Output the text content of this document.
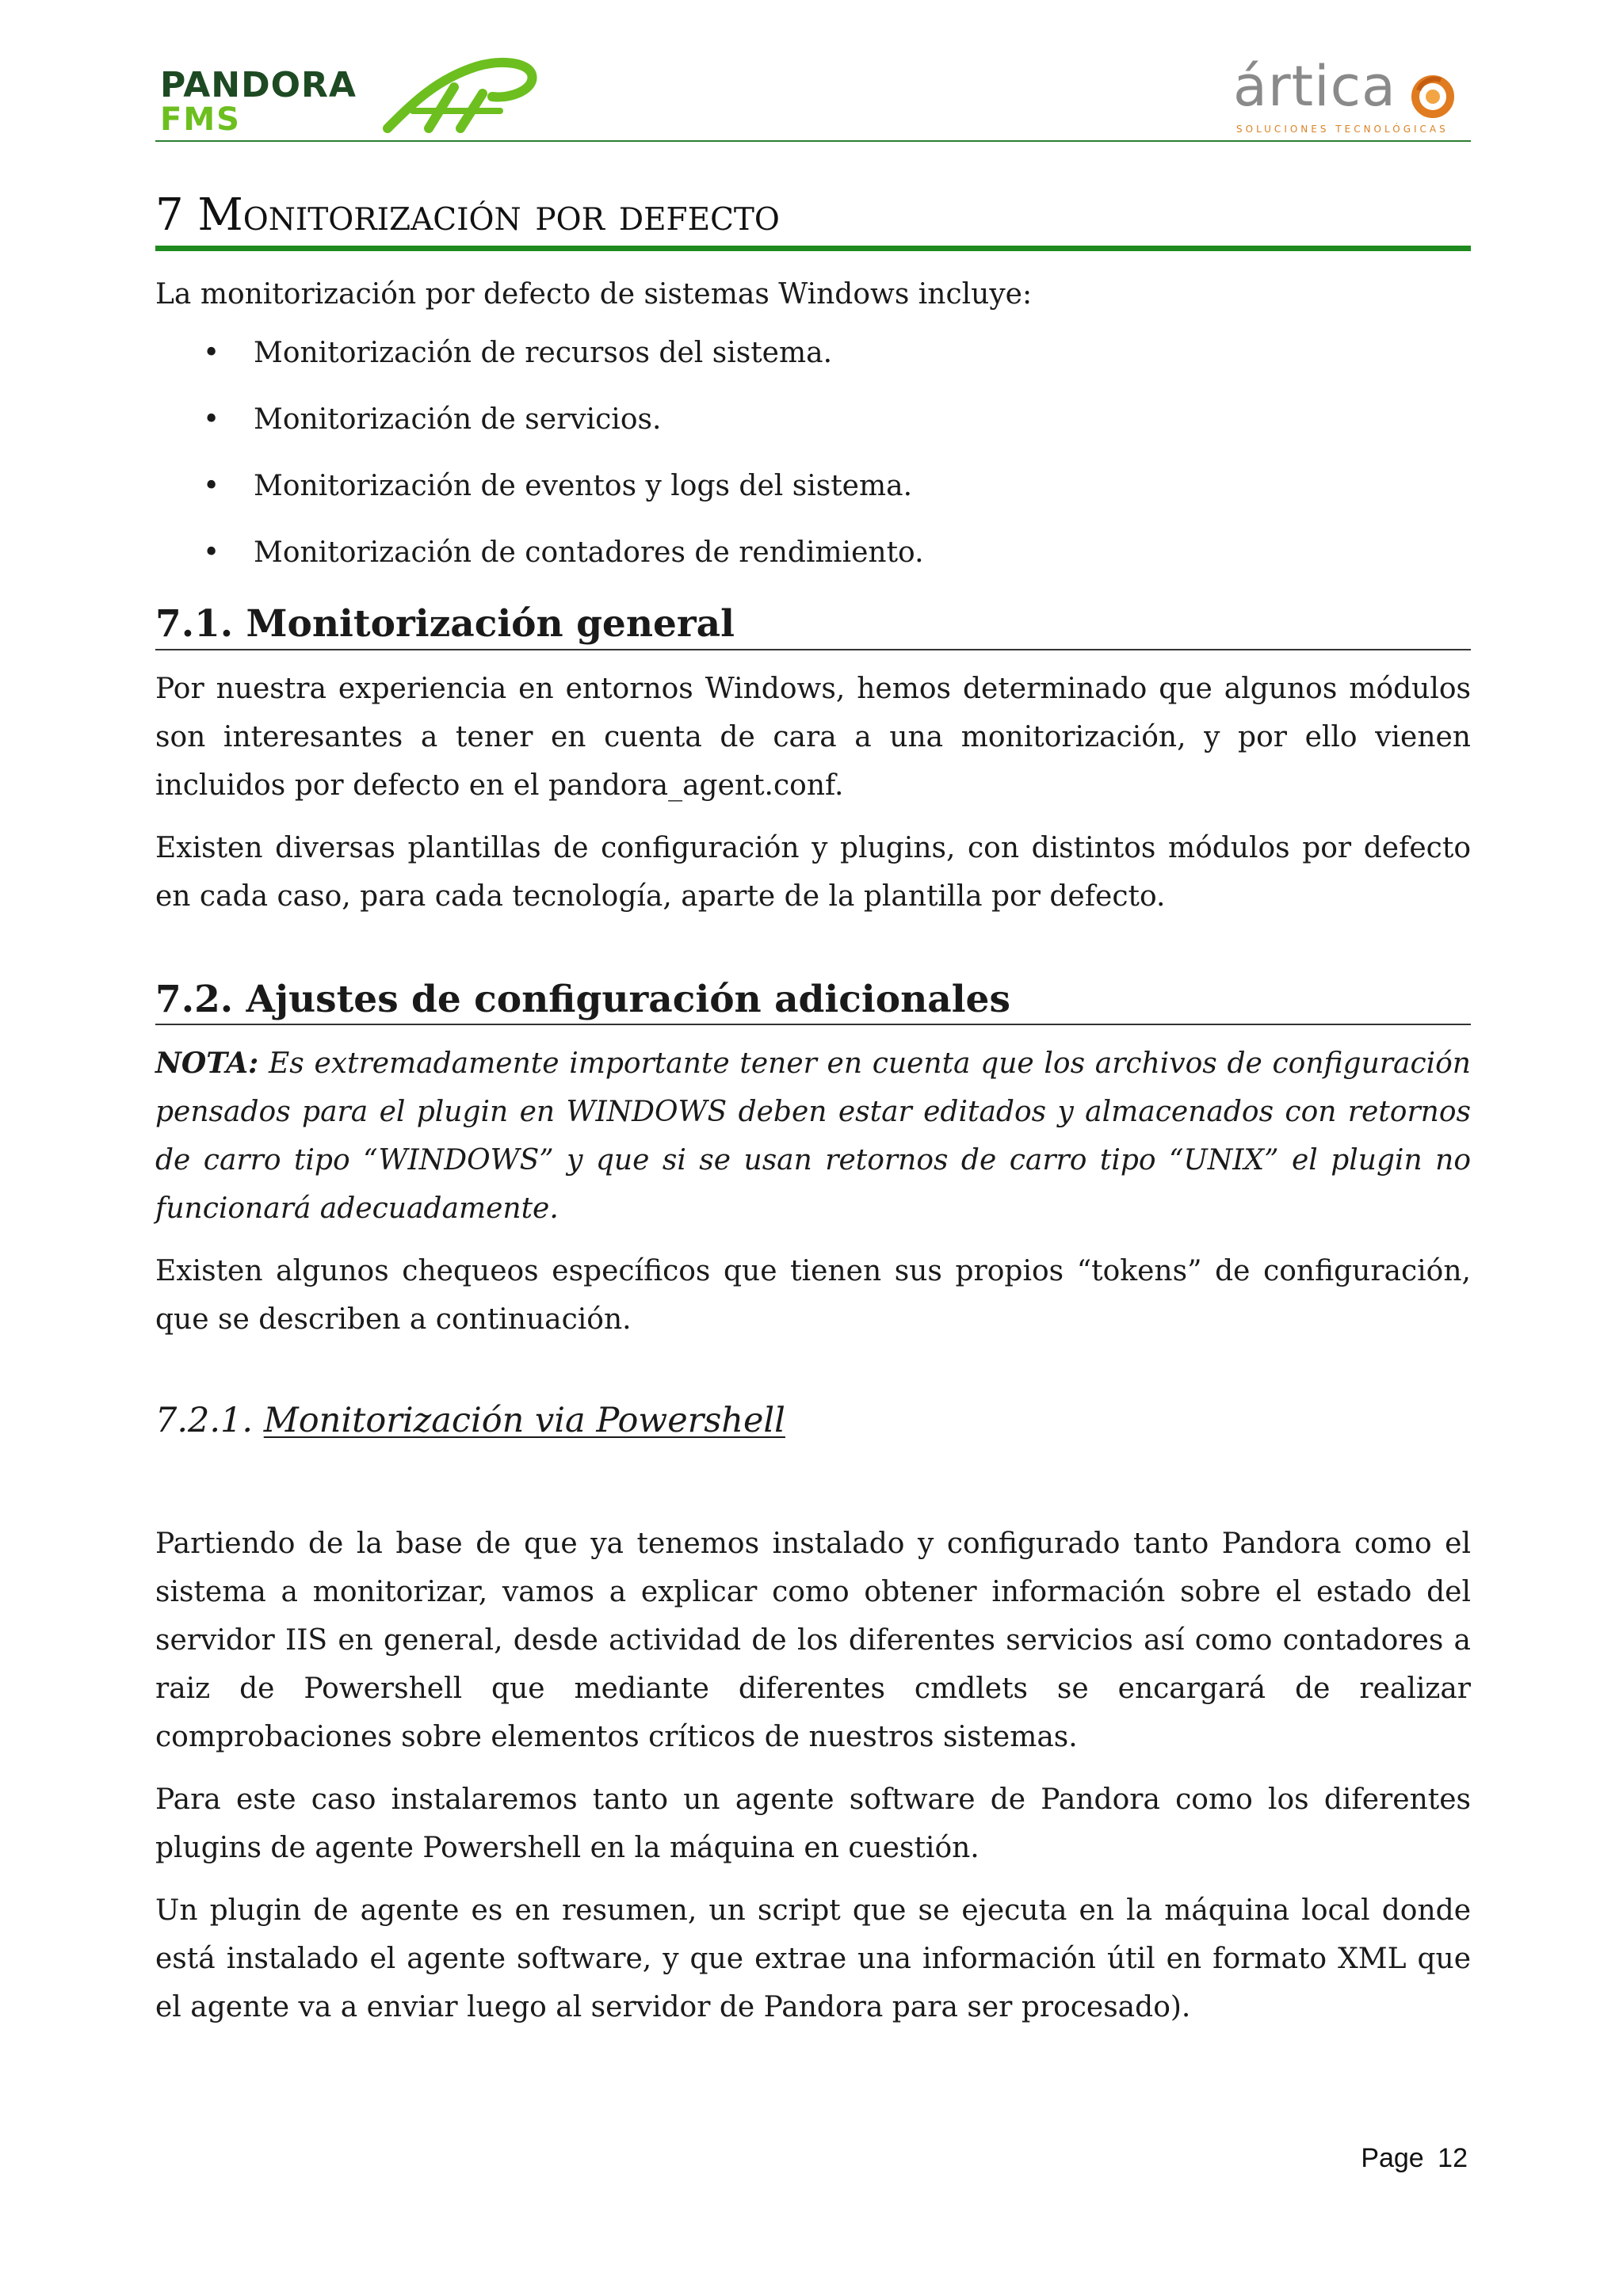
PANDORA
FMS
ártica
SOLUCIONES TECNOLÓGICAS
7 Monitorización por defecto

La monitorización por defecto de sistemas Windows incluye:

• Monitorización de recursos del sistema.
• Monitorización de servicios.
• Monitorización de eventos y logs del sistema.
• Monitorización de contadores de rendimiento.
7.1. Monitorización general

Por nuestra experiencia en entornos Windows, hemos determinado que algunos módulos son interesantes a tener en cuenta de cara a una monitorización, y por ello vienen incluidos por defecto en el pandora_agent.conf.

Existen diversas plantillas de configuración y plugins, con distintos módulos por defecto en cada caso, para cada tecnología, aparte de la plantilla por defecto.

7.2. Ajustes de configuración adicionales

NOTA: Es extremadamente importante tener en cuenta que los archivos de configuración pensados para el plugin en WINDOWS deben estar editados y almacenados con retornos de carro tipo “WINDOWS” y que si se usan retornos de carro tipo “UNIX” el plugin no funcionará adecuadamente.

Existen algunos chequeos específicos que tienen sus propios “tokens” de configuración, que se describen a continuación.

7.2.1. Monitorización via Powershell

Partiendo de la base de que ya tenemos instalado y configurado tanto Pandora como el sistema a monitorizar, vamos a explicar como obtener información sobre el estado del servidor IIS en general, desde actividad de los diferentes servicios así como contadores a raiz de Powershell que mediante diferentes cmdlets se encargará de realizar comprobaciones sobre elementos críticos de nuestros sistemas.

Para este caso instalaremos tanto un agente software de Pandora como los diferentes plugins de agente Powershell en la máquina en cuestión.

Un plugin de agente es en resumen, un script que se ejecuta en la máquina local donde está instalado el agente software, y que extrae una información útil en formato XML que el agente va a enviar luego al servidor de Pandora para ser procesado).

Page 12
